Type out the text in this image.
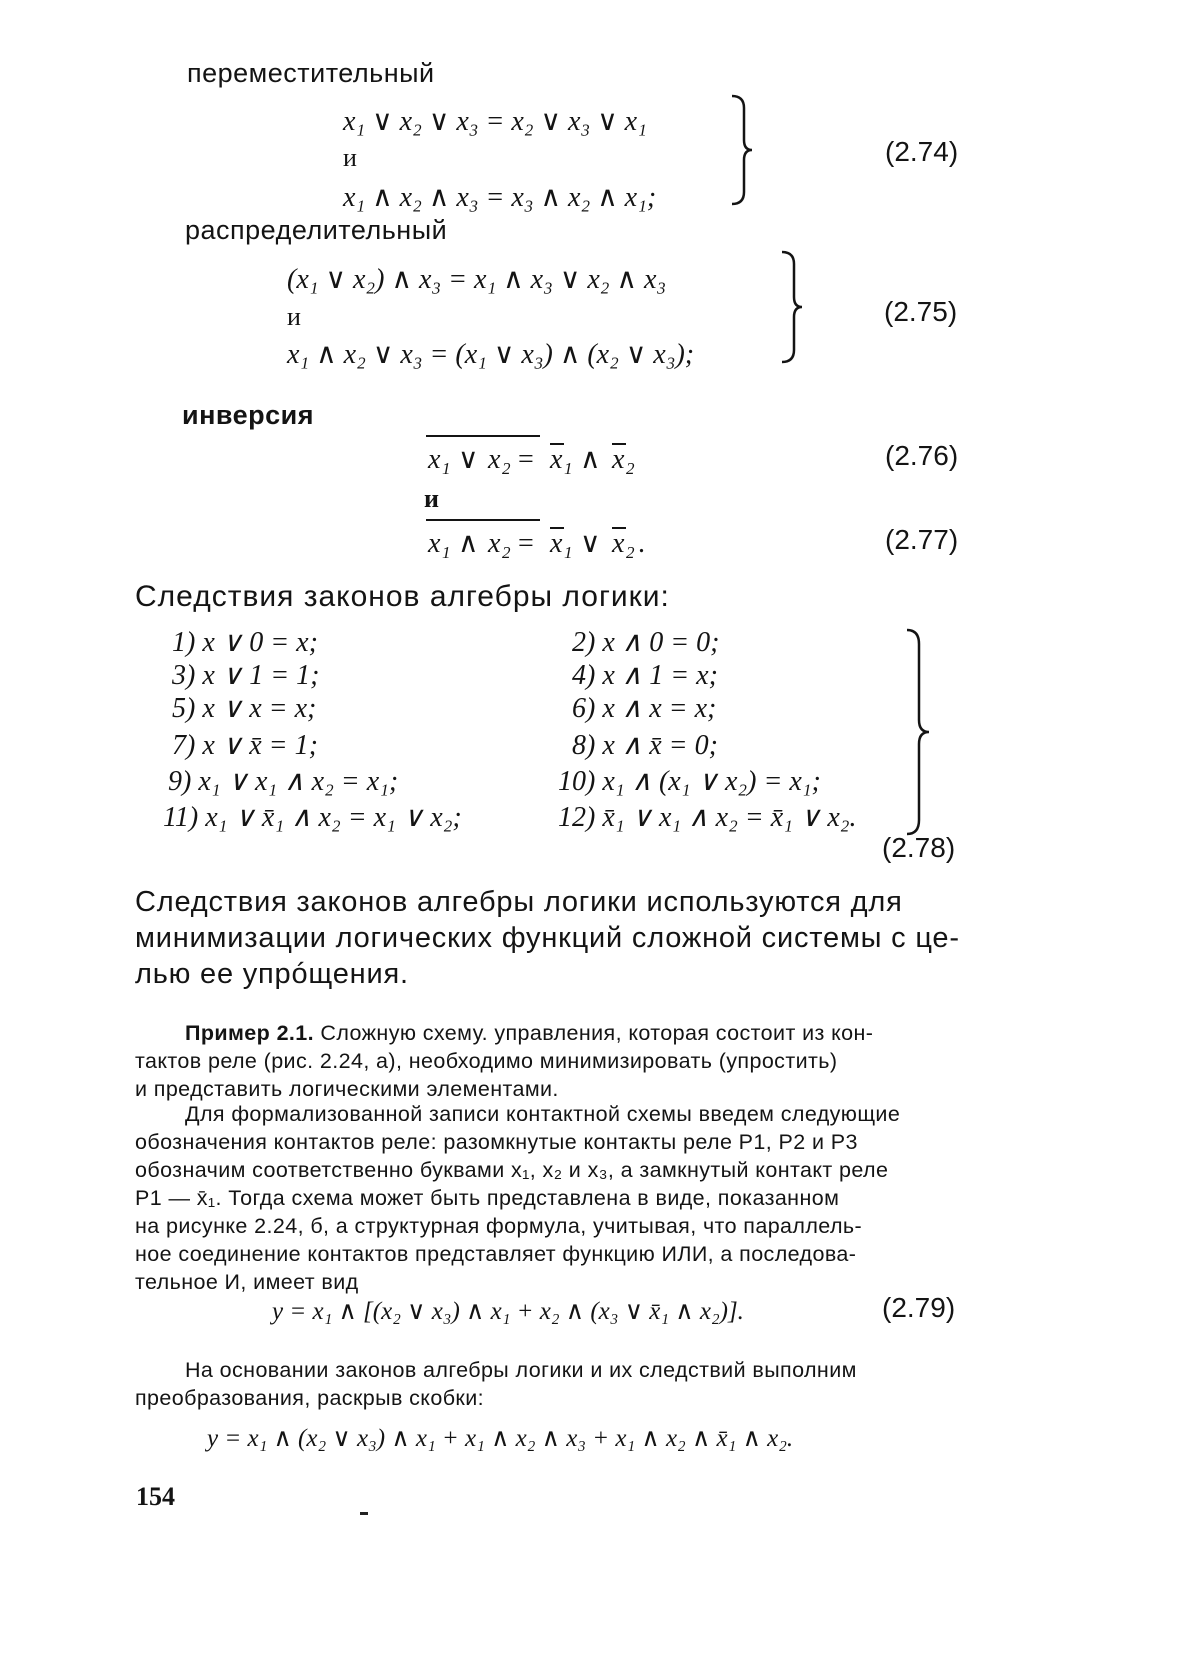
переместительный
x₁ ∨ x₂ ∨ x₃ = x₂ ∨ x₃ ∨ x₁
и
x₁ ∧ x₂ ∧ x₃ = x₃ ∧ x₂ ∧ x₁;
(2.74)
распределительный
(x₁ ∨ x₂) ∧ x₃ = x₁ ∧ x₃ ∨ x₂ ∧ x₃
и
x₁ ∧ x₂ ∨ x₃ = (x₁ ∨ x₃) ∧ (x₂ ∨ x₃);
(2.75)
инверсия
x 1 ∨ x 2 = x 1 ∧ x 2	(2.76)
и
x 1 ∧ x 2 = x 1 ∨ x 2 .	(2.77)
Следствия законов алгебры логики:
1) x ∨ 0 = x;	2) x ∧ 0 = 0;
3) x ∨ 1 = 1;	4) x ∧ 1 = x;
5) x ∨ x = x;	6) x ∧ x = x;
7) x ∨ x̄ = 1;	8) x ∧ x̄ = 0;
9) x₁ ∨ x₁ ∧ x₂ = x₁;	10) x₁ ∧ (x₁ ∨ x₂) = x₁;
11) x₁ ∨ x̄₁ ∧ x₂ = x₁ ∨ x₂;	12) x̄₁ ∨ x₁ ∧ x₂ = x̄₁ ∨ x₂.
(2.78)
Следствия законов алгебры логики используются для
минимизации логических функций сложной системы с це-
лью ее упрóщения.
Пример 2.1. Сложную схему. управления, которая состоит из кон-
тактов реле (рис. 2.24, а), необходимо минимизировать (упростить)
и представить логическими элементами.
Для формализованной записи контактной схемы введем следующие
обозначения контактов реле: разомкнутые контакты реле Р1, Р2 и Р3
обозначим соответственно буквами x₁, x₂ и x₃, а замкнутый контакт реле
Р1 — x̄₁. Тогда схема может быть представлена в виде, показанном
на рисунке 2.24, б, а структурная формула, учитывая, что параллель-
ное соединение контактов представляет функцию ИЛИ, а последова-
тельное И, имеет вид
y = x₁ ∧ [(x₂ ∨ x₃) ∧ x₁ + x₂ ∧ (x₃ ∨ x̄₁ ∧ x₂)].	(2.79)
На основании законов алгебры логики и их следствий выполним
преобразования, раскрыв скобки:
y = x₁ ∧ (x₂ ∨ x₃) ∧ x₁ + x₁ ∧ x₂ ∧ x₃ + x₁ ∧ x₂ ∧ x̄₁ ∧ x₂.
154
